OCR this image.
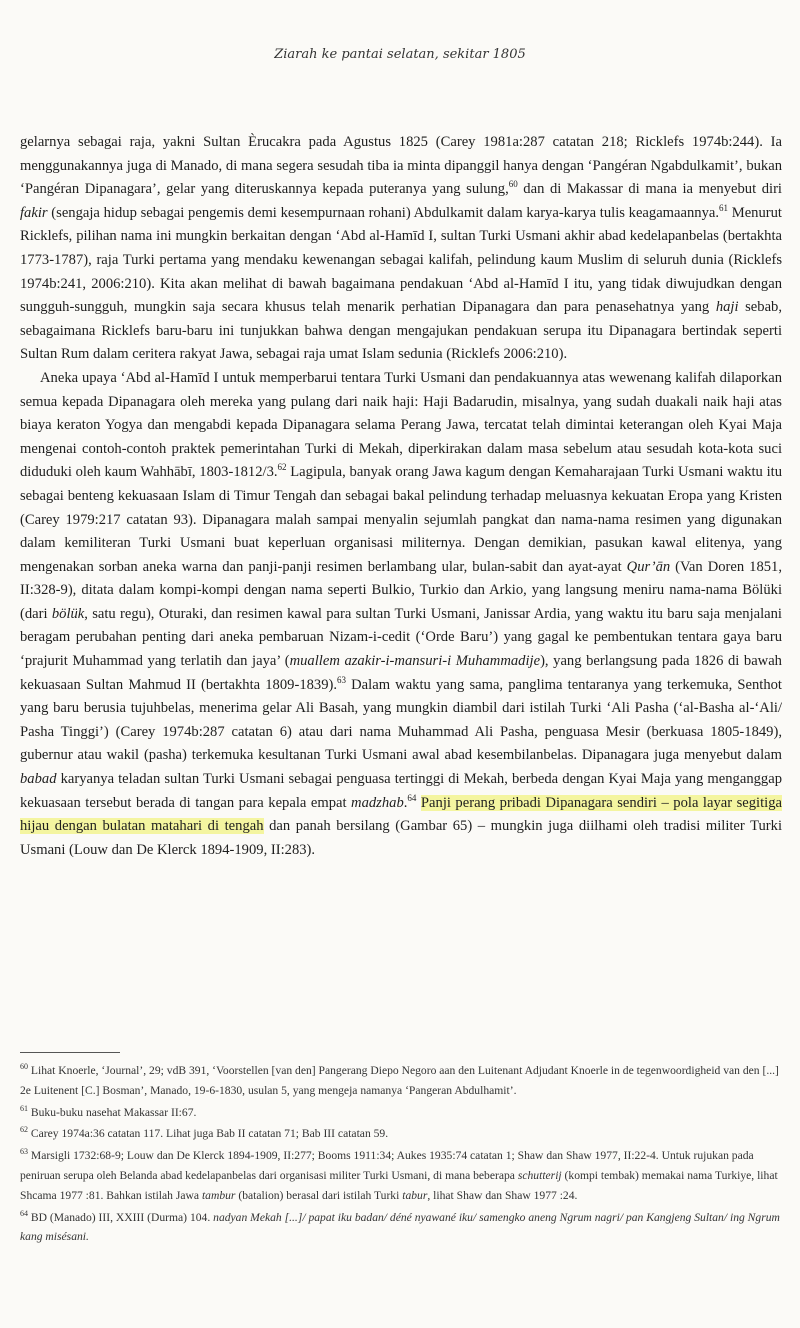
Ziarah ke pantai selatan, sekitar 1805

gelarnya sebagai raja, yakni Sultan Èrucakra pada Agustus 1825 (Carey 1981a:287 catatan 218; Ricklefs 1974b:244). Ia menggunakannya juga di Manado, di mana segera sesudah tiba ia minta dipanggil hanya dengan ‘Pangéran Ngabdulkamit’, bukan ‘Pangéran Dipanagara’, gelar yang diteruskannya kepada puteranya yang sulung,$^{60}$ dan di Makassar di mana ia menyebut diri fakir (sengaja hidup sebagai pengemis demi kesempurnaan rohani) Abdulkamit dalam karya-karya tulis keagamaannya.$^{61}$ Menurut Ricklefs, pilihan nama ini mungkin berkaitan dengan ‘Abd al-Hamīd I, sultan Turki Usmani akhir abad kedelapanbelas (bertakhta 1773-1787), raja Turki pertama yang mendaku kewenangan sebagai kalifah, pelindung kaum Muslim di seluruh dunia (Ricklefs 1974b:241, 2006:210). Kita akan melihat di bawah bagaimana pendakuan ‘Abd al-Hamīd I itu, yang tidak diwujudkan dengan sungguh-sungguh, mungkin saja secara khusus telah menarik perhatian Dipanagara dan para penasehatnya yang haji sebab, sebagaimana Ricklefs baru-baru ini tunjukkan bahwa dengan mengajukan pendakuan serupa itu Dipanagara bertindak seperti Sultan Rum dalam ceritera rakyat Jawa, sebagai raja umat Islam sedunia (Ricklefs 2006:210).

Aneka upaya ‘Abd al-Hamīd I untuk memperbarui tentara Turki Usmani dan pendakuannya atas wewenang kalifah dilaporkan semua kepada Dipanagara oleh mereka yang pulang dari naik haji: Haji Badarudin, misalnya, yang sudah duakali naik haji atas biaya keraton Yogya dan mengabdi kepada Dipanagara selama Perang Jawa, tercatat telah dimintai keterangan oleh Kyai Maja mengenai contoh-contoh praktek pemerintahan Turki di Mekah, diperkirakan dalam masa sebelum atau sesudah kota-kota suci diduduki oleh kaum Wahhābī, 1803-1812/3.62 Lagipula, banyak orang Jawa kagum dengan Kemaharajaan Turki Usmani waktu itu sebagai benteng kekuasaan Islam di Timur Tengah dan sebagai bakal pelindung terhadap meluasnya kekuatan Eropa yang Kristen (Carey 1979:217 catatan 93). Dipanagara malah sampai menyalin sejumlah pangkat dan nama-nama resimen yang digunakan dalam kemiliteran Turki Usmani buat keperluan organisasi militernya. Dengan demikian, pasukan kawal elitenya, yang mengenakan sorban aneka warna dan panji-panji resimen berlambang ular, bulan-sabit dan ayat-ayat Qur’ān (Van Doren 1851, II:328-9), ditata dalam kompi-kompi dengan nama seperti Bulkio, Turkio dan Arkio, yang langsung meniru nama-nama Bölüki (dari bölük, satu regu), Oturaki, dan resimen kawal para sultan Turki Usmani, Janissar Ardia, yang waktu itu baru saja menjalani beragam perubahan penting dari aneka pembaruan Nizam-i-cedit (‘Orde Baru’) yang gagal ke pembentukan tentara gaya baru ‘prajurit Muhammad yang terlatih dan jaya’ (muallem azakir-i-mansuri-i Muhammadije), yang berlangsung pada 1826 di bawah kekuasaan Sultan Mahmud II (bertakhta 1809-1839).$^{63}$ Dalam waktu yang sama, panglima tentaranya yang terkemuka, Senthot yang baru berusia tujuhbelas, menerima gelar Ali Basah, yang mungkin diambil dari istilah Turki ‘Ali Pasha (‘al-Basha al-‘Ali/ Pasha Tinggi’) (Carey 1974b:287 catatan 6) atau dari nama Muhammad Ali Pasha, penguasa Mesir (berkuasa 1805-1849), gubernur atau wakil (pasha) terkemuka kesultanan Turki Usmani awal abad kesembilanbelas. Dipanagara juga menyebut dalam babad karyanya teladan sultan Turki Usmani sebagai penguasa tertinggi di Mekah, berbeda dengan Kyai Maja yang menganggap kekuasaan tersebut berada di tangan para kepala empat madzhab.$^{64}$ Panji perang pribadi Dipanagara sendiri – pola layar segitiga hijau dengan bulatan matahari di tengah dan panah bersilang (Gambar 65) – mungkin juga diilhami oleh tradisi militer Turki Usmani (Louw dan De Klerck 1894-1909, II:283).

$^{60}$ Lihat Knoerle, ‘Journal’, 29; vdB 391, ‘Voorstellen [van den] Pangerang Diepo Negoro aan den Luitenant Adjudant Knoerle in de tegenwoordigheid van den [...] 2e Luitenent [C.] Bosman’, Manado, 19-6-1830, usulan 5, yang mengeja namanya ‘Pangeran Abdulhamit’.

$^{61}$ Buku-buku nasehat Makassar II:67.

$^{62}$ Carey 1974a:36 catatan 117. Lihat juga Bab II catatan 71; Bab III catatan 59.

$^{63}$ Marsigli 1732:68-9; Louw dan De Klerck 1894-1909, II:277; Booms 1911:34; Aukes 1935:74 catatan 1; Shaw dan Shaw 1977, II:22-4. Untuk rujukan pada peniruan serupa oleh Belanda abad kedelapanbelas dari organisasi militer Turki Usmani, di mana beberapa schutterij (kompi tembak) memakai nama Turkiye, lihat Shcama 1977 :81. Bahkan istilah Jawa tambur (batalion) berasal dari istilah Turki tabur, lihat Shaw dan Shaw 1977 :24.

$^{64}$ BD (Manado) III, XXIII (Durma) 104. nadyan Mekah [...]/ papat iku badan/ déné nyawané iku/ samengko aneng Ngrum nagri/ pan Kangjeng Sultan/ ing Ngrum kang misésani.
